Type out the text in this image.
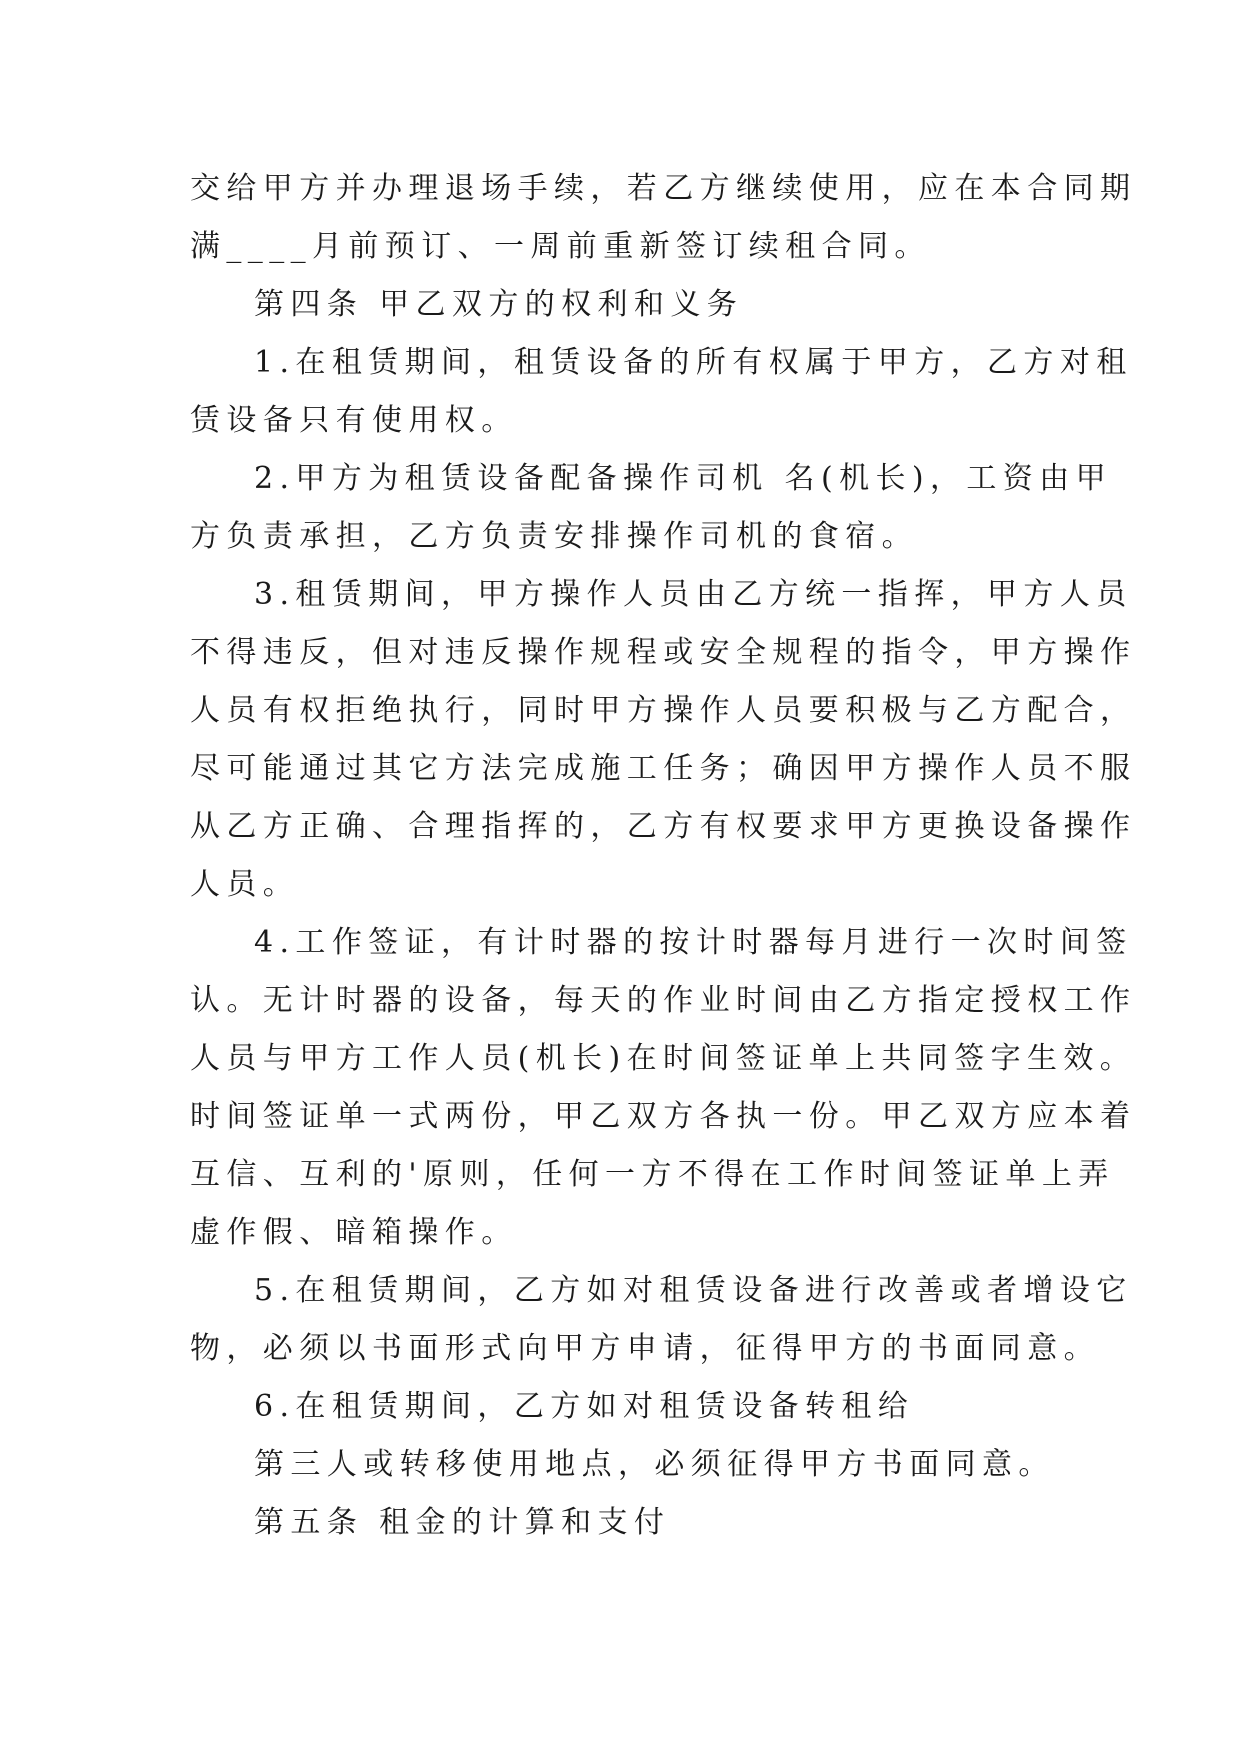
交给甲方并办理退场手续，若乙方继续使用，应在本合同期
满____月前预订、一周前重新签订续租合同。
第四条 甲乙双方的权利和义务
1.在租赁期间，租赁设备的所有权属于甲方，乙方对租
赁设备只有使用权。
2.甲方为租赁设备配备操作司机 名(机长)，工资由甲
方负责承担，乙方负责安排操作司机的食宿。
3.租赁期间，甲方操作人员由乙方统一指挥，甲方人员
不得违反，但对违反操作规程或安全规程的指令，甲方操作
人员有权拒绝执行，同时甲方操作人员要积极与乙方配合，
尽可能通过其它方法完成施工任务；确因甲方操作人员不服
从乙方正确、合理指挥的，乙方有权要求甲方更换设备操作
人员。
4.工作签证，有计时器的按计时器每月进行一次时间签
认。无计时器的设备，每天的作业时间由乙方指定授权工作
人员与甲方工作人员(机长)在时间签证单上共同签字生效。
时间签证单一式两份，甲乙双方各执一份。甲乙双方应本着
互信、互利的'原则，任何一方不得在工作时间签证单上弄
虚作假、暗箱操作。
5.在租赁期间，乙方如对租赁设备进行改善或者增设它
物，必须以书面形式向甲方申请，征得甲方的书面同意。
6.在租赁期间，乙方如对租赁设备转租给
第三人或转移使用地点，必须征得甲方书面同意。
第五条 租金的计算和支付
